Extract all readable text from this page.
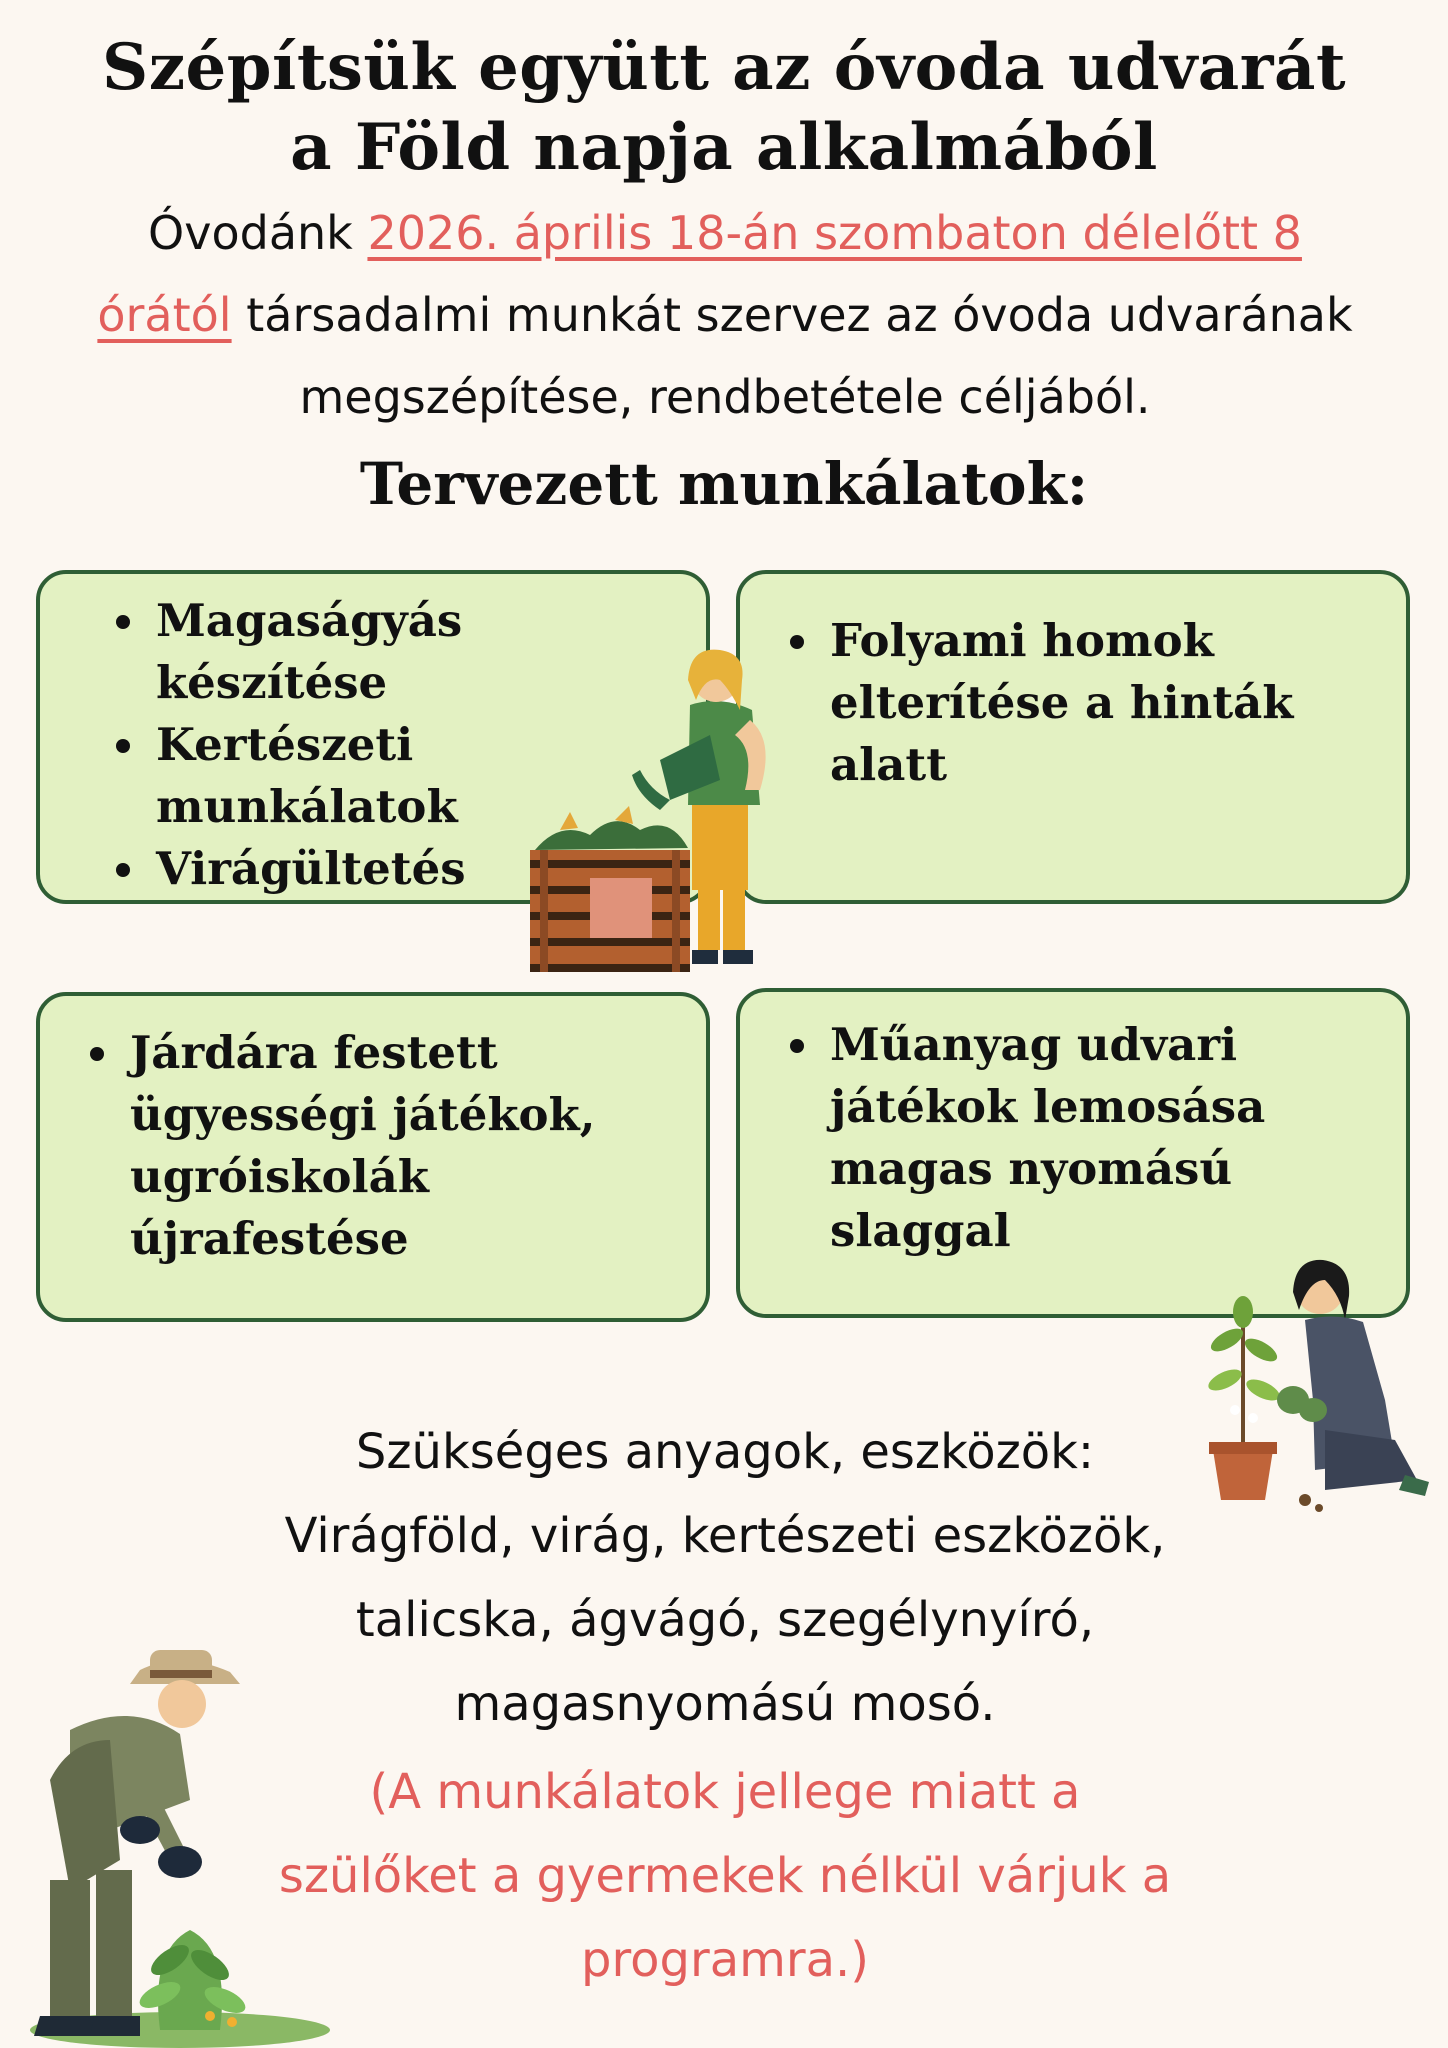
Szépítsük együtt az óvoda udvarát
a Föld napja alkalmából
Óvodánk 2026. április 18-án szombaton délelőtt 8 órától társadalmi munkát szervez az óvoda udvarának megszépítése, rendbetétele céljából.
Tervezett munkálatok:
Magaságyás készítése
Kertészeti munkálatok
Virágültetés
Folyami homok elterítése a hinták alatt
Járdára festett ügyességi játékok, ugróiskolák újrafestése
Műanyag udvari játékok lemosása magas nyomású slaggal
Szükséges anyagok, eszközök:
Virágföld, virág, kertészeti eszközök,
talicska, ágvágó, szegélynyíró,
magasnyomású mosó.
(A munkálatok jellege miatt a
szülőket a gyermekek nélkül várjuk a
programra.)
